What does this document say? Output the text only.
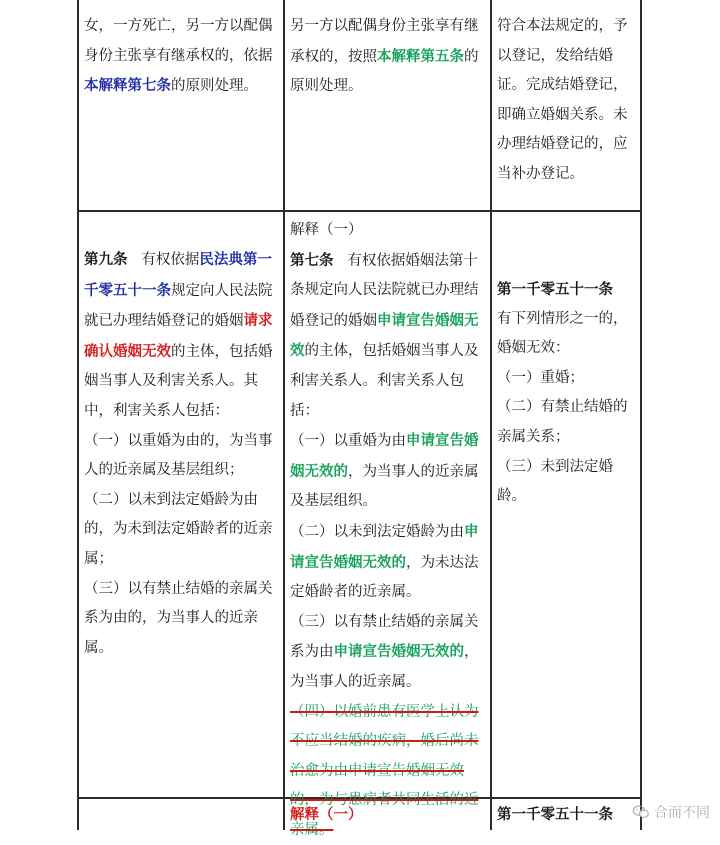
女，一方死亡，另一方以配偶身份主张享有继承权的，依据本解释第七条的原则处理。

另一方以配偶身份主张享有继承权的，按照本解释第五条的原则处理。

符合本法规定的，予以登记，发给结婚证。完成结婚登记，即确立婚姻关系。未办理结婚登记的，应当补办登记。

第九条 有权依据民法典第一千零五十一条规定向人民法院就已办理结婚登记的婚姻请求确认婚姻无效的主体，包括婚姻当事人及利害关系人。其中，利害关系人包括：

（一）以重婚为由的，为当事人的近亲属及基层组织；

（二）以未到法定婚龄为由的，为未到法定婚龄者的近亲属；

（三）以有禁止结婚的亲属关系为由的，为当事人的近亲属。

解释（一）

第七条 有权依据婚姻法第十条规定向人民法院就已办理结婚登记的婚姻申请宣告婚姻无效的主体，包括婚姻当事人及利害关系人。利害关系人包括：

（一）以重婚为由申请宣告婚姻无效的，为当事人的近亲属及基层组织。

（二）以未到法定婚龄为由申请宣告婚姻无效的，为未达法定婚龄者的近亲属。

（三）以有禁止结婚的亲属关系为由申请宣告婚姻无效的，为当事人的近亲属。

（四）以婚前患有医学上认为不应当结婚的疾病，婚后尚未治愈为由申请宣告婚姻无效的，为与患病者共同生活的近亲属。

第一千零五十一条

有下列情形之一的，婚姻无效：

（一）重婚；

（二）有禁止结婚的亲属关系；

（三）未到法定婚龄。

解释（一）	第一千零五十一条	合而不同
